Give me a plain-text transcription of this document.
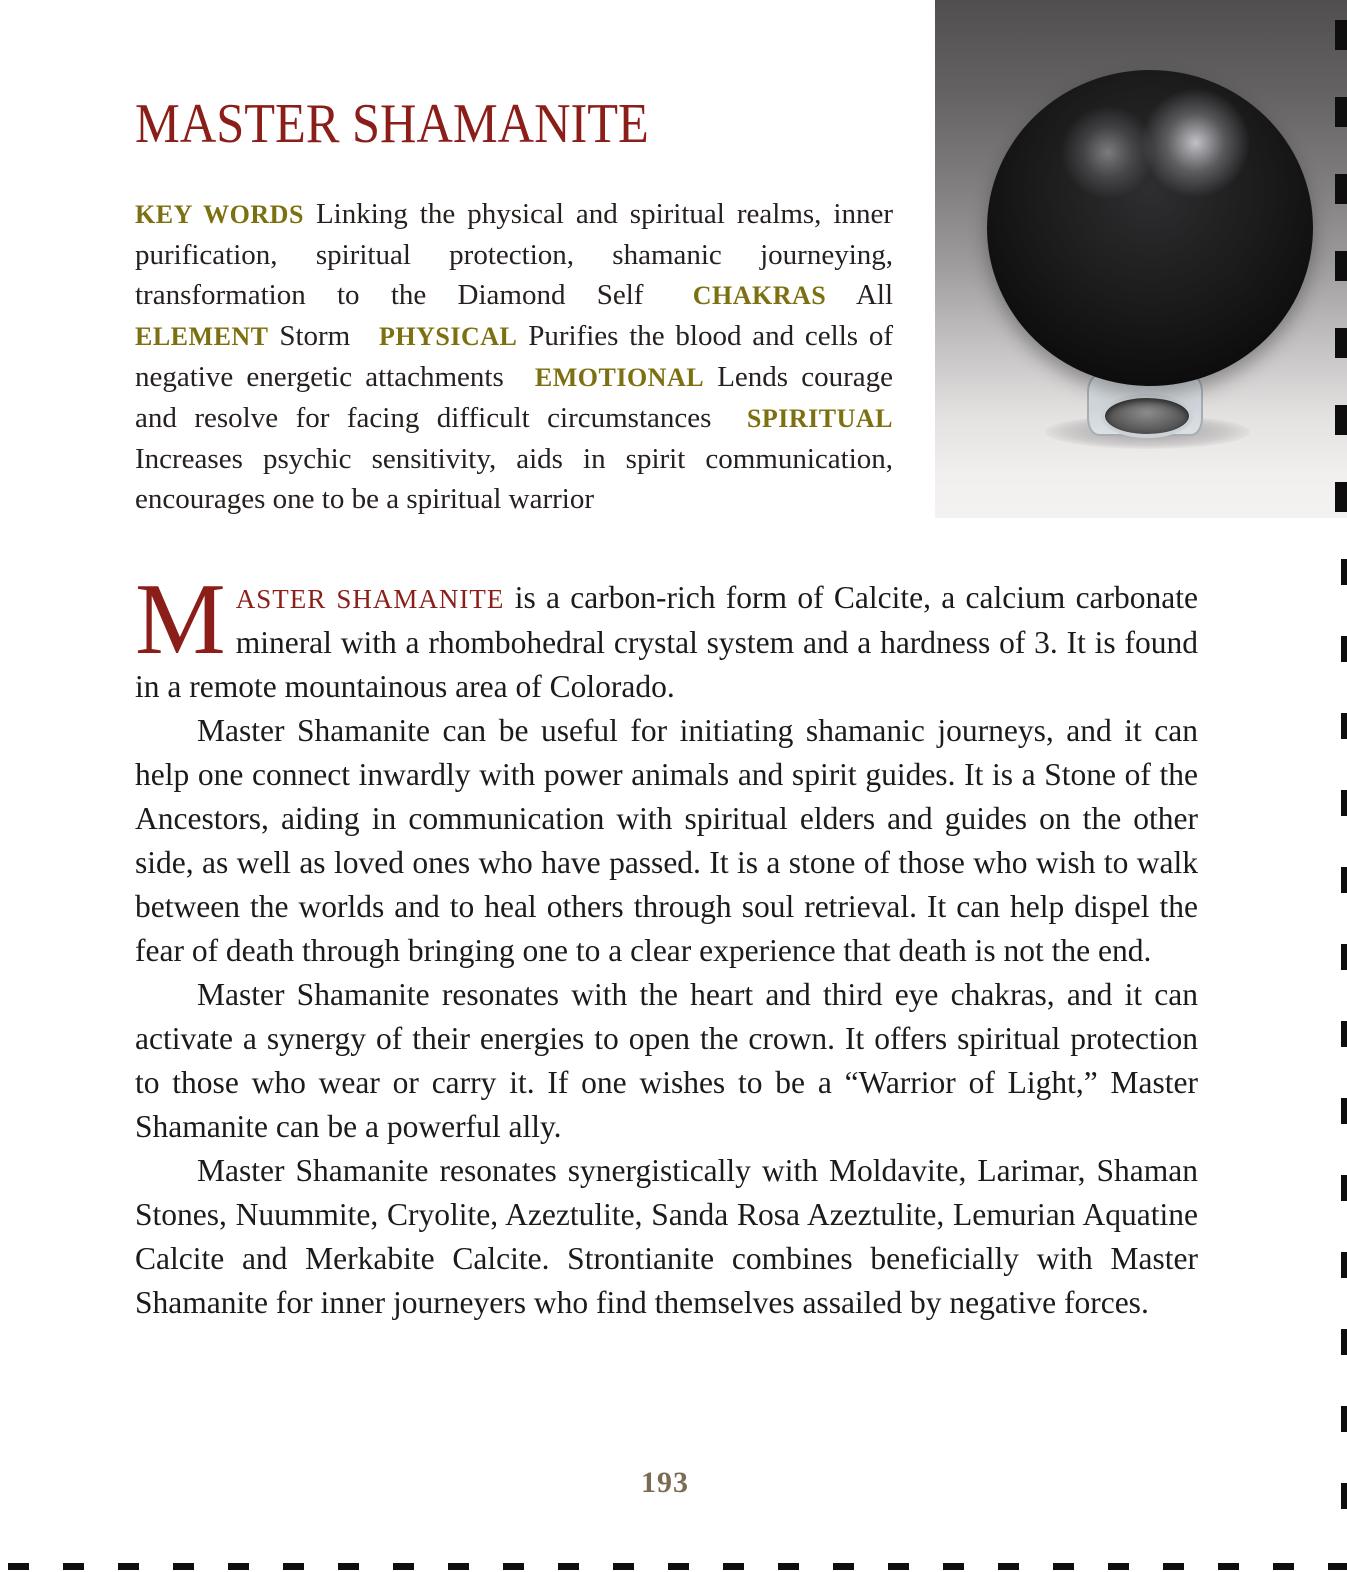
MASTER SHAMANITE

KEY WORDS Linking the physical and spiritual realms, inner purification, spiritual protection, shamanic journeying, transformation to the Diamond Self CHAKRAS All ELEMENT Storm PHYSICAL Purifies the blood and cells of negative energetic attachments EMOTIONAL Lends courage and resolve for facing difficult circumstances SPIRITUAL Increases psychic sensitivity, aids in spirit communication, encourages one to be a spiritual warrior

MASTER SHAMANITE is a carbon-rich form of Calcite, a calcium carbonate mineral with a rhombohedral crystal system and a hardness of 3. It is found in a remote mountainous area of Colorado.

Master Shamanite can be useful for initiating shamanic journeys, and it can help one connect inwardly with power animals and spirit guides. It is a Stone of the Ancestors, aiding in communication with spiritual elders and guides on the other side, as well as loved ones who have passed. It is a stone of those who wish to walk between the worlds and to heal others through soul retrieval. It can help dispel the fear of death through bringing one to a clear experience that death is not the end.

Master Shamanite resonates with the heart and third eye chakras, and it can activate a synergy of their energies to open the crown. It offers spiritual protection to those who wear or carry it. If one wishes to be a “Warrior of Light,” Master Shamanite can be a powerful ally.

Master Shamanite resonates synergistically with Moldavite, Larimar, Shaman Stones, Nuummite, Cryolite, Azeztulite, Sanda Rosa Azeztulite, Lemurian Aquatine Calcite and Merkabite Calcite. Strontianite combines beneficially with Master Shamanite for inner journeyers who find themselves assailed by negative forces.

193
